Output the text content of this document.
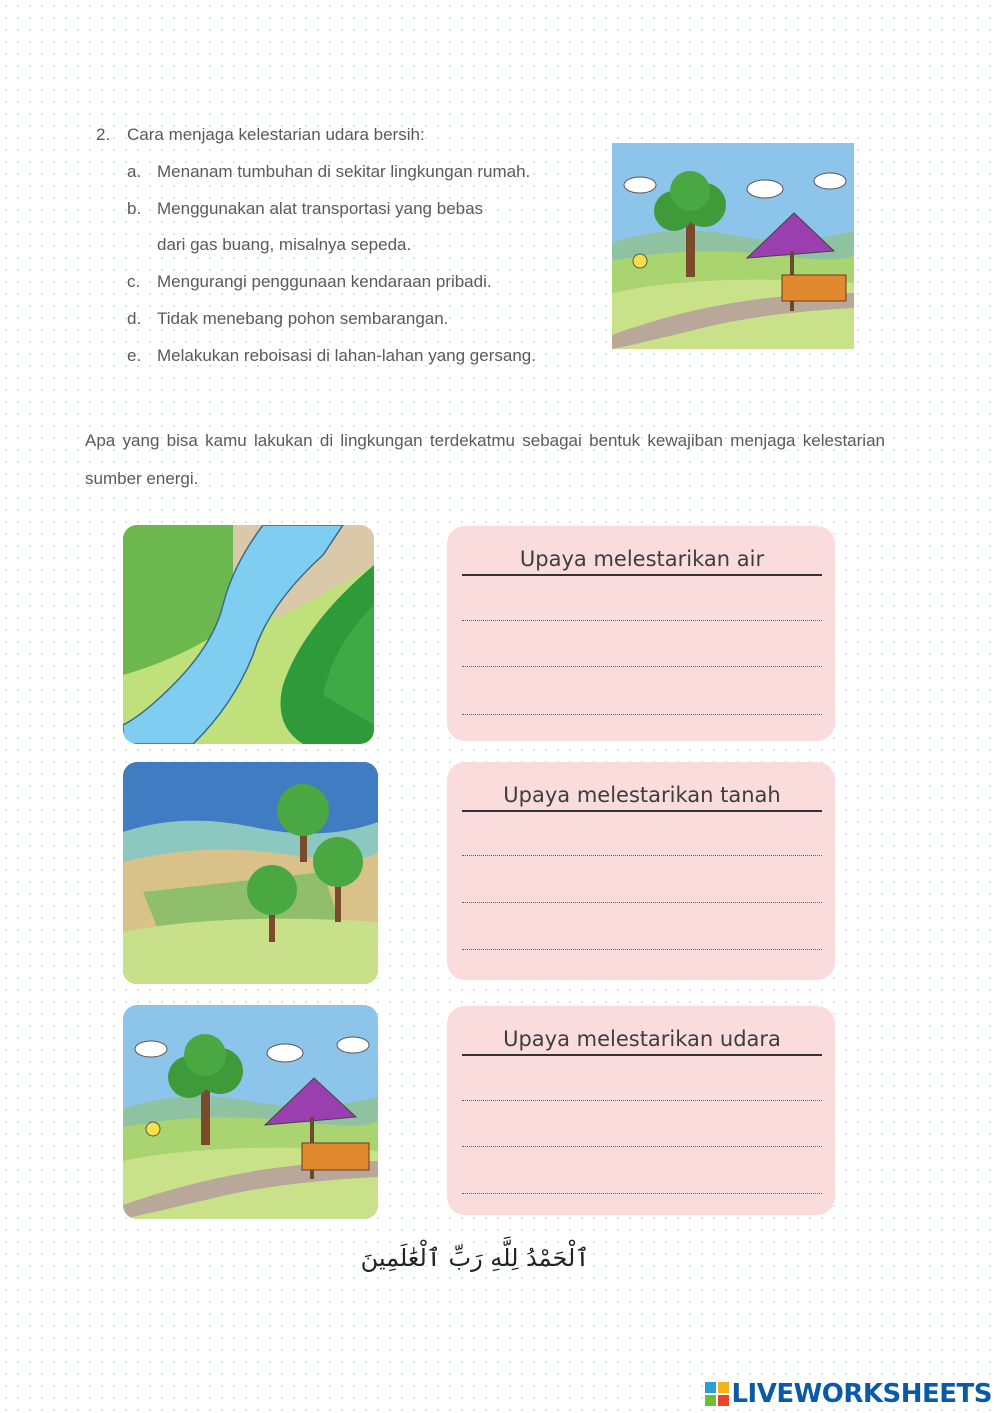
2. Cara menjaga kelestarian udara bersih:
a. Menanam tumbuhan di sekitar lingkungan rumah.
b. Menggunakan alat transportasi yang bebas
dari gas buang, misalnya sepeda.
c. Mengurangi penggunaan kendaraan pribadi.
d. Tidak menebang pohon sembarangan.
e. Melakukan reboisasi di lahan-lahan yang gersang.
Apa yang bisa kamu lakukan di lingkungan terdekatmu sebagai bentuk kewajiban menjaga kelestarian sumber energi.
Upaya melestarikan air
Upaya melestarikan tanah
Upaya melestarikan udara
ٱلْحَمْدُ لِلَّهِ رَبِّ ٱلْعَٰلَمِينَ
LIVEWORKSHEETS
